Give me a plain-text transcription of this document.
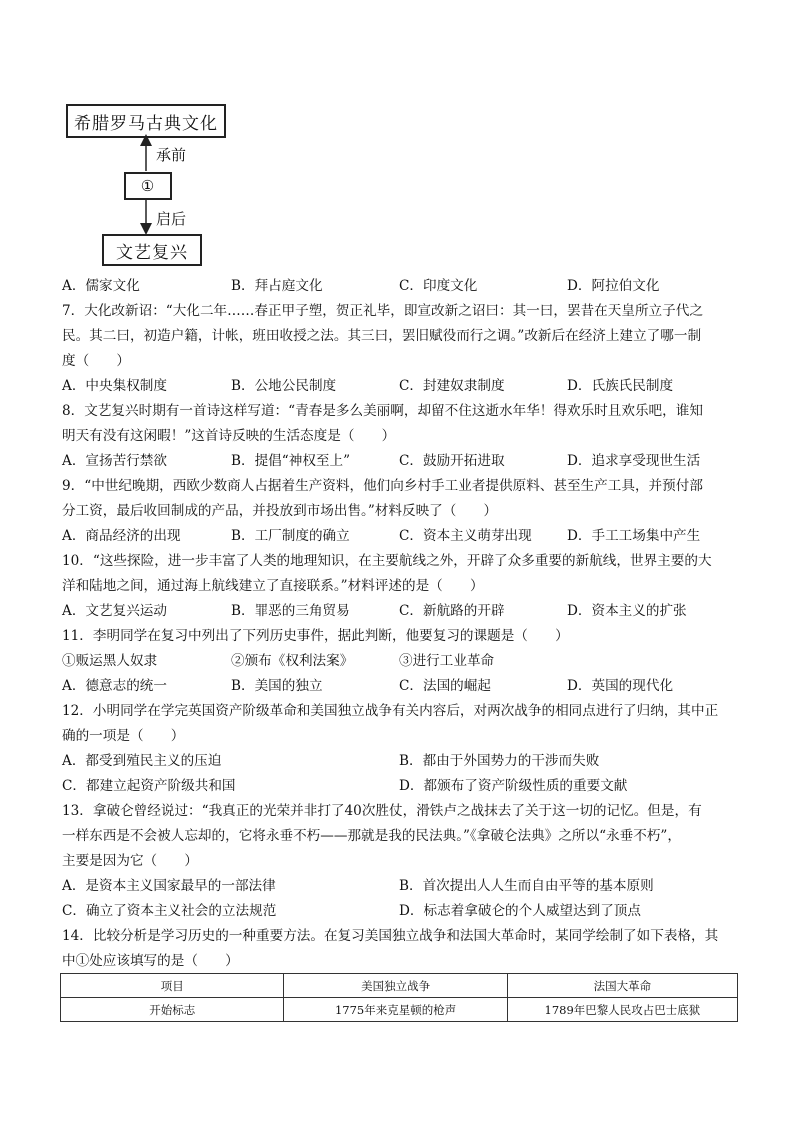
希腊罗马古典文化
承前
①
启后
文艺复兴
A．儒家文化	B．拜占庭文化	C．印度文化	D．阿拉伯文化
7．大化改新诏：“大化二年……春正甲子塑，贺正礼毕，即宣改新之诏曰：其一曰，罢昔在天皇所立子代之
民。其二曰，初造户籍，计帐，班田收授之法。其三曰，罢旧赋役而行之调。”改新后在经济上建立了哪一制
度（　　）
A．中央集权制度	B．公地公民制度	C．封建奴隶制度	D．氏族氏民制度
8．文艺复兴时期有一首诗这样写道：“青春是多么美丽啊，却留不住这逝水年华！得欢乐时且欢乐吧，谁知
明天有没有这闲暇！”这首诗反映的生活态度是（　　）
A．宣扬苦行禁欲	B．提倡“神权至上”	C．鼓励开拓进取	D．追求享受现世生活
9．“中世纪晚期，西欧少数商人占据着生产资料，他们向乡村手工业者提供原料、甚至生产工具，并预付部
分工资，最后收回制成的产品，并投放到市场出售。”材料反映了（　　）
A．商品经济的出现	B．工厂制度的确立	C．资本主义萌芽出现	D．手工工场集中产生
10．“这些探险，进一步丰富了人类的地理知识，在主要航线之外，开辟了众多重要的新航线，世界主要的大
洋和陆地之间，通过海上航线建立了直接联系。”材料评述的是（　　）
A．文艺复兴运动	B．罪恶的三角贸易	C．新航路的开辟	D．资本主义的扩张
11．李明同学在复习中列出了下列历史事件，据此判断，他要复习的课题是（　　）
①贩运黑人奴隶	②颁布《权利法案》	③进行工业革命
A．德意志的统一	B．美国的独立	C．法国的崛起	D．英国的现代化
12．小明同学在学完英国资产阶级革命和美国独立战争有关内容后，对两次战争的相同点进行了归纳，其中正
确的一项是（　　）
A．都受到殖民主义的压迫	B．都由于外国势力的干涉而失败
C．都建立起资产阶级共和国	D．都颁布了资产阶级性质的重要文献
13．拿破仑曾经说过：“我真正的光荣并非打了40次胜仗，滑铁卢之战抹去了关于这一切的记忆。但是，有
一样东西是不会被人忘却的，它将永垂不朽——那就是我的民法典。”《拿破仑法典》之所以“永垂不朽”，
主要是因为它（　　）
A．是资本主义国家最早的一部法律	B．首次提出人人生而自由平等的基本原则
C．确立了资本主义社会的立法规范	D．标志着拿破仑的个人威望达到了顶点
14．比较分析是学习历史的一种重要方法。在复习美国独立战争和法国大革命时，某同学绘制了如下表格，其
中①处应该填写的是（　　）
项目	美国独立战争	法国大革命
开始标志	1775年来克星顿的枪声	1789年巴黎人民攻占巴士底狱
